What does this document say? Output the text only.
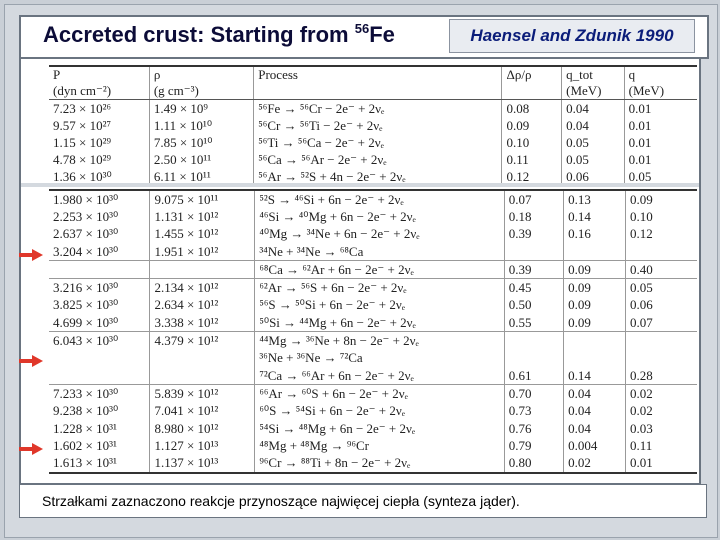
Accreted crust: Starting from $^{56}$Fe	Haensel and Zdunik 1990
P	ρ	Process	Δρ/ρ	q_tot	q
(dyn cm⁻²)	(g cm⁻³)			(MeV)	(MeV)
7.23 × 10²⁶	1.49 × 10⁹	⁵⁶Fe → ⁵⁶Cr − 2e⁻ + 2νₑ	0.08	0.04	0.01
9.57 × 10²⁷	1.11 × 10¹⁰	⁵⁶Cr → ⁵⁶Ti − 2e⁻ + 2νₑ	0.09	0.04	0.01
1.15 × 10²⁹	7.85 × 10¹⁰	⁵⁶Ti → ⁵⁶Ca − 2e⁻ + 2νₑ	0.10	0.05	0.01
4.78 × 10²⁹	2.50 × 10¹¹	⁵⁶Ca → ⁵⁶Ar − 2e⁻ + 2νₑ	0.11	0.05	0.01
1.36 × 10³⁰	6.11 × 10¹¹	⁵⁶Ar → ⁵²S + 4n − 2e⁻ + 2νₑ	0.12	0.06	0.05
1.980 × 10³⁰	9.075 × 10¹¹	⁵²S → ⁴⁶Si + 6n − 2e⁻ + 2νₑ	0.07	0.13	0.09
2.253 × 10³⁰	1.131 × 10¹²	⁴⁶Si → ⁴⁰Mg + 6n − 2e⁻ + 2νₑ	0.18	0.14	0.10
2.637 × 10³⁰	1.455 × 10¹²	⁴⁰Mg → ³⁴Ne + 6n − 2e⁻ + 2νₑ	0.39	0.16	0.12
3.204 × 10³⁰	1.951 × 10¹²	³⁴Ne + ³⁴Ne → ⁶⁸Ca			
		⁶⁸Ca → ⁶²Ar + 6n − 2e⁻ + 2νₑ	0.39	0.09	0.40
3.216 × 10³⁰	2.134 × 10¹²	⁶²Ar → ⁵⁶S + 6n − 2e⁻ + 2νₑ	0.45	0.09	0.05
3.825 × 10³⁰	2.634 × 10¹²	⁵⁶S → ⁵⁰Si + 6n − 2e⁻ + 2νₑ	0.50	0.09	0.06
4.699 × 10³⁰	3.338 × 10¹²	⁵⁰Si → ⁴⁴Mg + 6n − 2e⁻ + 2νₑ	0.55	0.09	0.07
6.043 × 10³⁰	4.379 × 10¹²	⁴⁴Mg → ³⁶Ne + 8n − 2e⁻ + 2νₑ			
		³⁶Ne + ³⁶Ne → ⁷²Ca			
		⁷²Ca → ⁶⁶Ar + 6n − 2e⁻ + 2νₑ	0.61	0.14	0.28
7.233 × 10³⁰	5.839 × 10¹²	⁶⁶Ar → ⁶⁰S + 6n − 2e⁻ + 2νₑ	0.70	0.04	0.02
9.238 × 10³⁰	7.041 × 10¹²	⁶⁰S → ⁵⁴Si + 6n − 2e⁻ + 2νₑ	0.73	0.04	0.02
1.228 × 10³¹	8.980 × 10¹²	⁵⁴Si → ⁴⁸Mg + 6n − 2e⁻ + 2νₑ	0.76	0.04	0.03
1.602 × 10³¹	1.127 × 10¹³	⁴⁸Mg + ⁴⁸Mg → ⁹⁶Cr	0.79	0.004	0.11
1.613 × 10³¹	1.137 × 10¹³	⁹⁶Cr → ⁸⁸Ti + 8n − 2e⁻ + 2νₑ	0.80	0.02	0.01
Strzałkami zaznaczono reakcje przynoszące najwięcej ciepła (synteza jąder).
